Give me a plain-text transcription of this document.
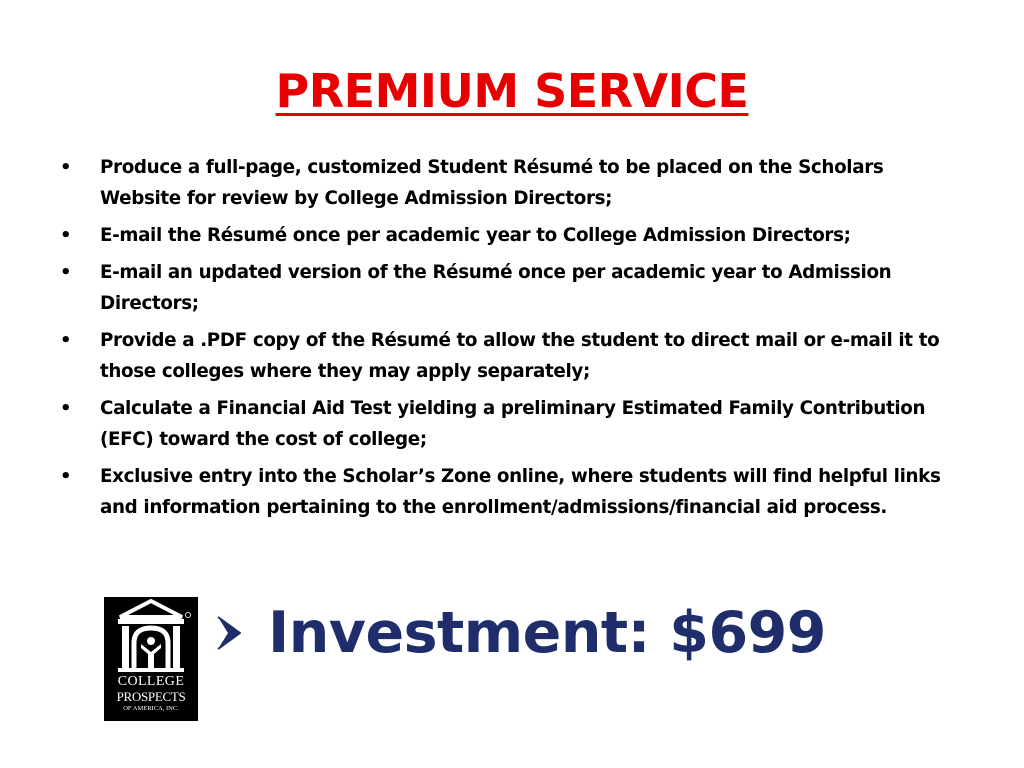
PREMIUM SERVICE
•	Produce a full-page, customized Student Résumé to be placed on the Scholars Website for review by College Admission Directors;
•	E-mail the Résumé once per academic year to College Admission Directors;
•	E-mail an updated version of the Résumé once per academic year to Admission Directors;
•	Provide a .PDF copy of the Résumé to allow the student to direct mail or e-mail it to those colleges where they may apply separately;
•	Calculate a Financial Aid Test yielding a preliminary Estimated Family Contribution (EFC) toward the cost of college;
•	Exclusive entry into the Scholar’s Zone online, where students will find helpful links and information pertaining to the enrollment/admissions/financial aid process.
COLLEGE
PROSPECTS
OF AMERICA, INC.
Investment: $699
